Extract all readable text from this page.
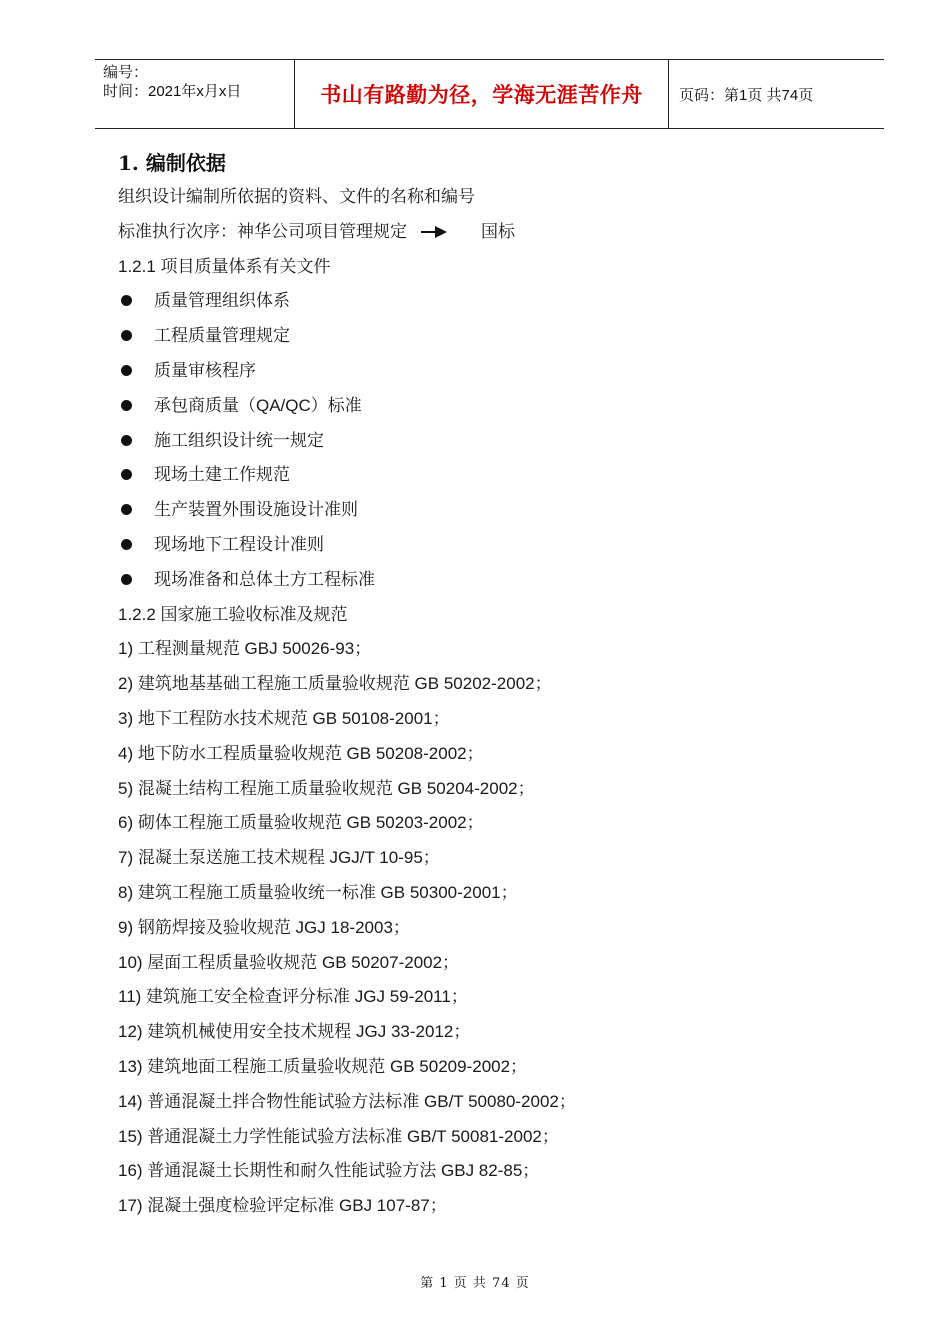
编号：
时间：2021年x月x日	书山有路勤为径，学海无涯苦作舟 页码：第1页 共74页
1. 编制依据
组织设计编制所依据的资料、文件的名称和编号
标准执行次序：神华公司项目管理规定	国标
1.2.1 项目质量体系有关文件
质量管理组织体系
工程质量管理规定
质量审核程序
承包商质量（QA/QC）标准
施工组织设计统一规定
现场土建工作规范
生产装置外围设施设计准则
现场地下工程设计准则
现场准备和总体土方工程标准
1.2.2 国家施工验收标准及规范
1) 工程测量规范 GBJ 50026-93；
2) 建筑地基基础工程施工质量验收规范 GB 50202-2002；
3) 地下工程防水技术规范 GB 50108-2001；
4) 地下防水工程质量验收规范 GB 50208-2002；
5) 混凝土结构工程施工质量验收规范 GB 50204-2002；
6) 砌体工程施工质量验收规范 GB 50203-2002；
7) 混凝土泵送施工技术规程 JGJ/T 10-95；
8) 建筑工程施工质量验收统一标准 GB 50300-2001；
9) 钢筋焊接及验收规范 JGJ 18-2003；
10) 屋面工程质量验收规范 GB 50207-2002；
11) 建筑施工安全检查评分标准 JGJ 59-2011；
12) 建筑机械使用安全技术规程 JGJ 33-2012；
13) 建筑地面工程施工质量验收规范 GB 50209-2002；
14) 普通混凝土拌合物性能试验方法标准 GB/T 50080-2002；
15) 普通混凝土力学性能试验方法标准 GB/T 50081-2002；
16) 普通混凝土长期性和耐久性能试验方法 GBJ 82-85；
17) 混凝土强度检验评定标准 GBJ 107-87；
第 1 页 共 74 页
